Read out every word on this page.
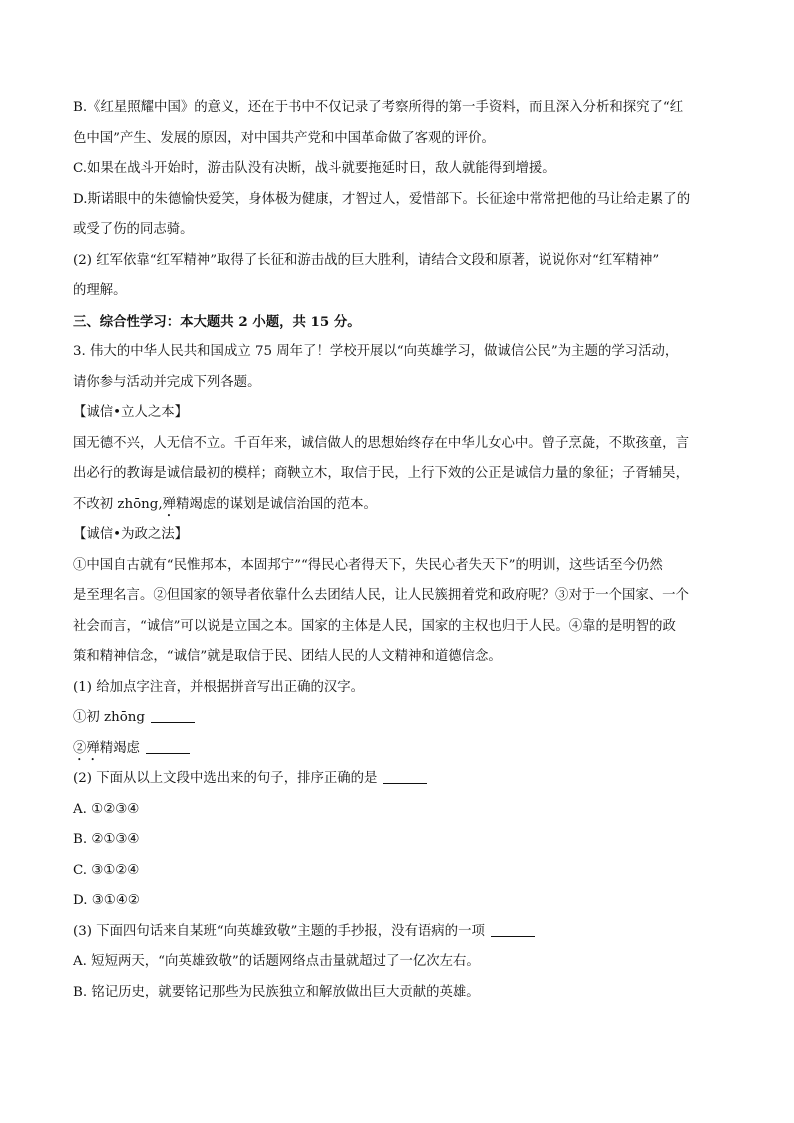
B.《红星照耀中国》的意义，还在于书中不仅记录了考察所得的第一手资料，而且深入分析和探究了“红

色中国”产生、发展的原因，对中国共产党和中国革命做了客观的评价。

C.如果在战斗开始时，游击队没有决断，战斗就要拖延时日，敌人就能得到增援。

D.斯诺眼中的朱德愉快爱笑，身体极为健康，才智过人，爱惜部下。长征途中常常把他的马让给走累了的

或受了伤的同志骑。

(2) 红军依靠“红军精神”取得了长征和游击战的巨大胜利，请结合文段和原著，说说你对“红军精神”

的理解。

三、综合性学习：本大题共 2 小题，共 15 分。

3. 伟大的中华人民共和国成立 75 周年了！学校开展以“向英雄学习，做诚信公民”为主题的学习活动，

请你参与活动并完成下列各题。

【诚信•立人之本】

国无德不兴，人无信不立。千百年来，诚信做人的思想始终存在中华儿女心中。曾子烹彘，不欺孩童，言

出必行的教诲是诚信最初的模样；商鞅立木，取信于民，上行下效的公正是诚信力量的象征；子胥辅吴，

不改初 zhōng,殚精竭虑的谋划是诚信治国的范本。

【诚信•为政之法】

①中国自古就有“民惟邦本，本固邦宁”“得民心者得天下，失民心者失天下”的明训，这些话至今仍然

是至理名言。②但国家的领导者依靠什么去团结人民，让人民簇拥着党和政府呢？③对于一个国家、一个

社会而言，“诚信”可以说是立国之本。国家的主体是人民，国家的主权也归于人民。④靠的是明智的政

策和精神信念，“诚信”就是取信于民、团结人民的人文精神和道德信念。

(1) 给加点字注音，并根据拼音写出正确的汉字。

①初 zhōng

②殚精竭虑

(2) 下面从以上文段中选出来的句子，排序正确的是

A. ①②③④

B. ②①③④

C. ③①②④

D. ③①④②

(3) 下面四句话来自某班“向英雄致敬”主题的手抄报，没有语病的一项

A. 短短两天，“向英雄致敬”的话题网络点击量就超过了一亿次左右。

B. 铭记历史，就要铭记那些为民族独立和解放做出巨大贡献的英雄。
